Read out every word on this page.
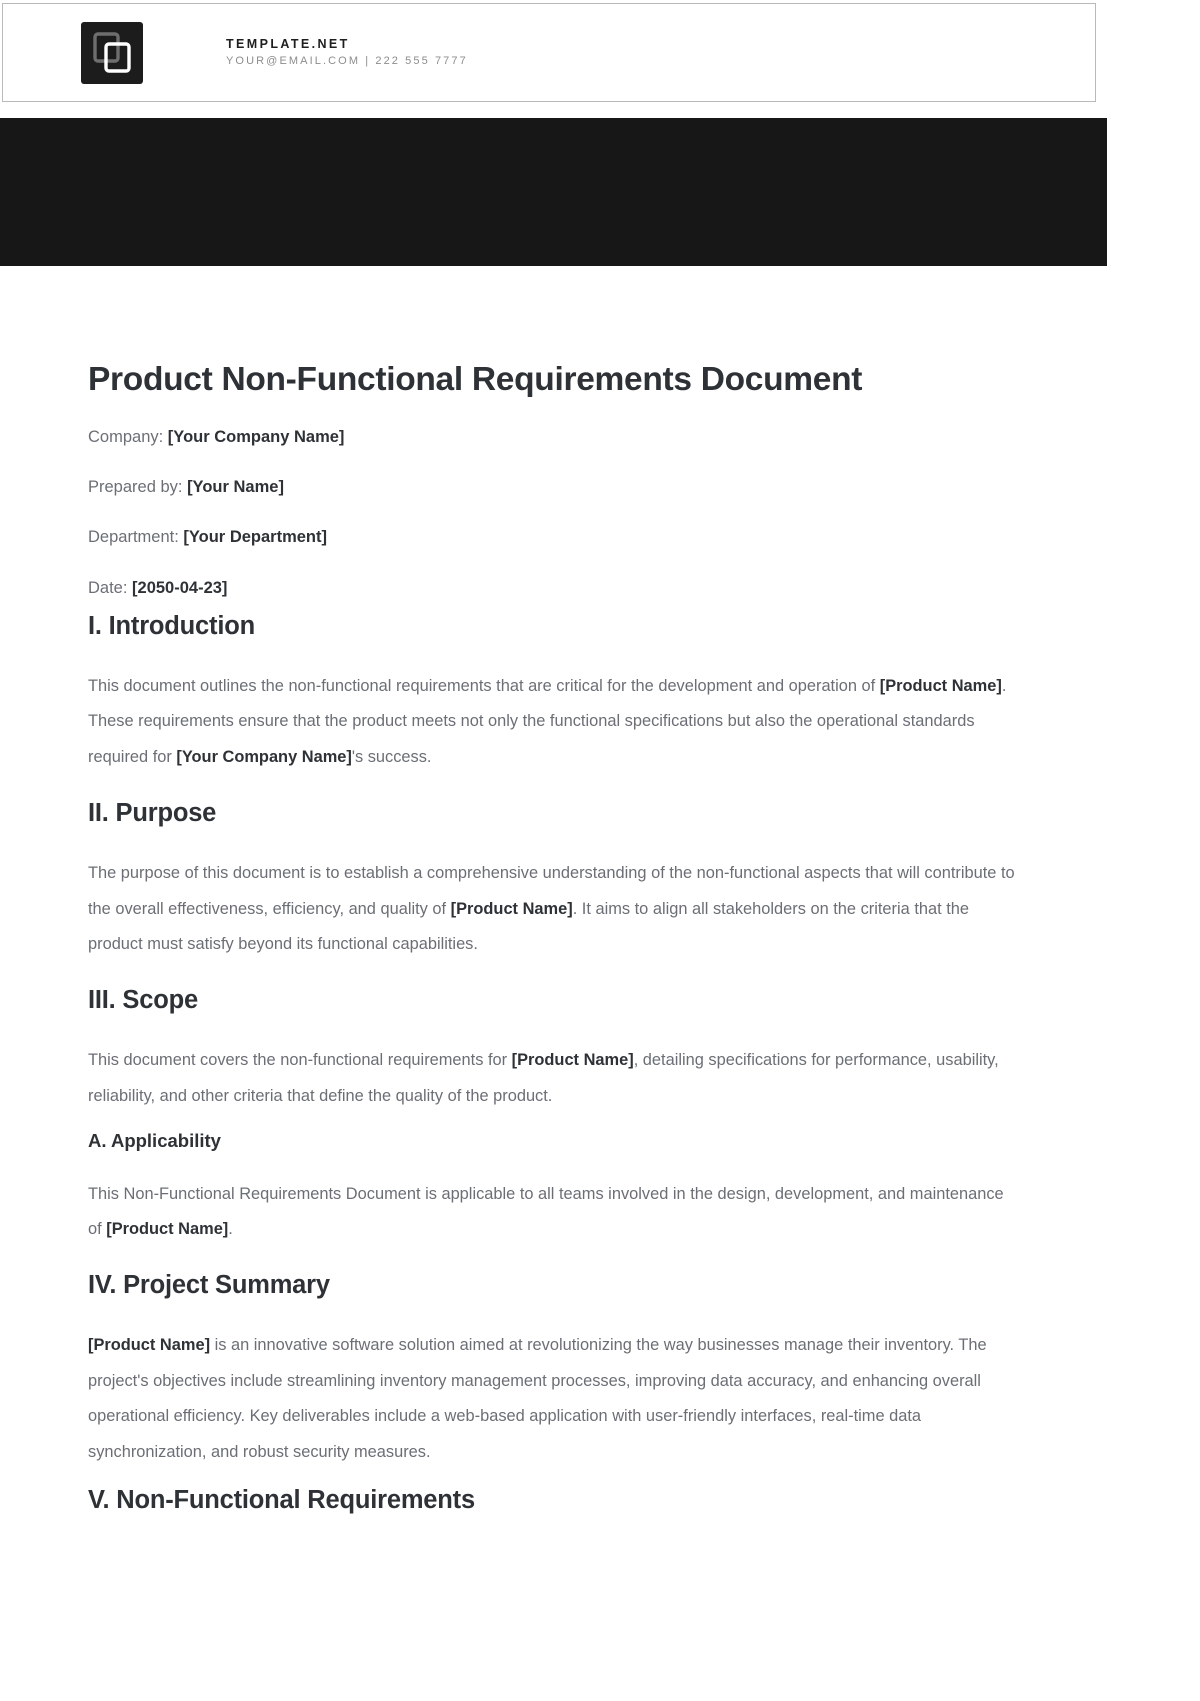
TEMPLATE.NET
YOUR@EMAIL.COM | 222 555 7777
Product Non-Functional Requirements Document

Company: [Your Company Name]

Prepared by: [Your Name]

Department: [Your Department]

Date: [2050-04-23]

I. Introduction

This document outlines the non-functional requirements that are critical for the development and operation of [Product Name]. These requirements ensure that the product meets not only the functional specifications but also the operational standards required for [Your Company Name]'s success.

II. Purpose

The purpose of this document is to establish a comprehensive understanding of the non-functional aspects that will contribute to the overall effectiveness, efficiency, and quality of [Product Name]. It aims to align all stakeholders on the criteria that the product must satisfy beyond its functional capabilities.

III. Scope

This document covers the non-functional requirements for [Product Name], detailing specifications for performance, usability, reliability, and other criteria that define the quality of the product.

A. Applicability

This Non-Functional Requirements Document is applicable to all teams involved in the design, development, and maintenance of [Product Name].

IV. Project Summary

[Product Name] is an innovative software solution aimed at revolutionizing the way businesses manage their inventory. The project's objectives include streamlining inventory management processes, improving data accuracy, and enhancing overall operational efficiency. Key deliverables include a web-based application with user-friendly interfaces, real-time data synchronization, and robust security measures.

V. Non-Functional Requirements
